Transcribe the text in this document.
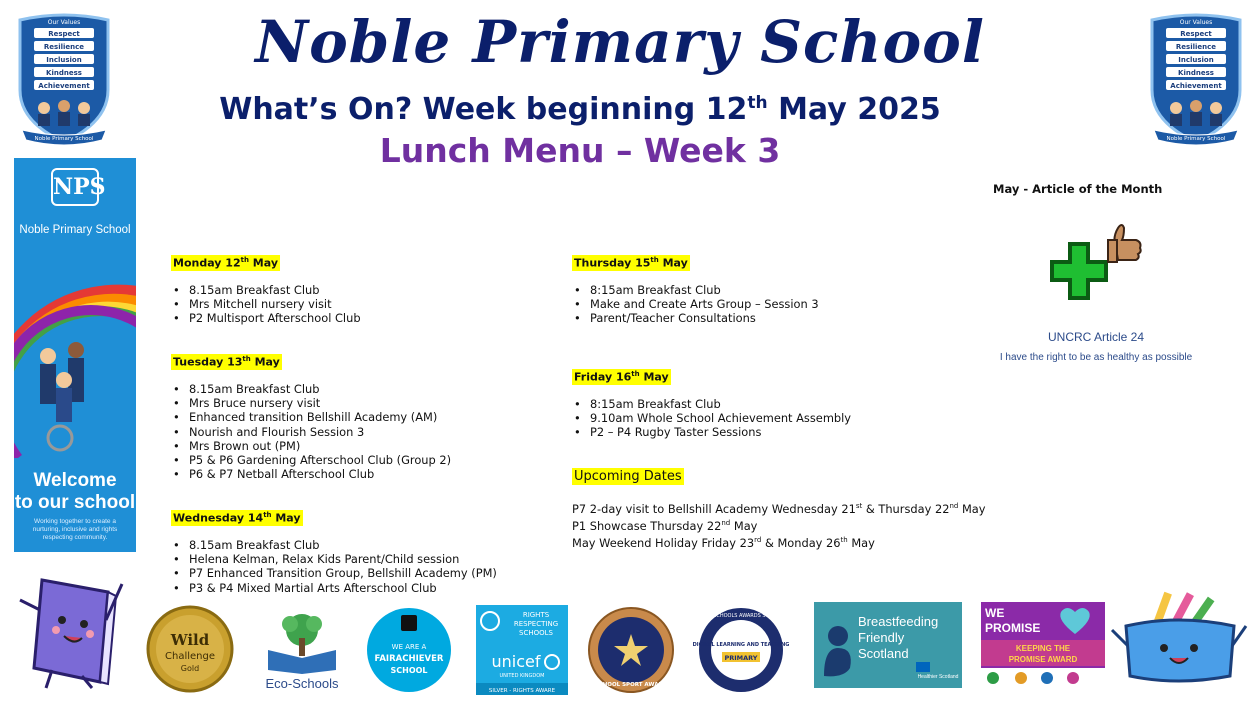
Noble Primary School
What’s On? Week beginning 12th May 2025
Lunch Menu – Week 3
Our Values
Respect
Resilience
Inclusion
Kindness
Achievement
Noble Primary School
Our Values
Respect
Resilience
Inclusion
Kindness
Achievement
Noble Primary School
NPS
Noble Primary School
Welcome
to our school
Working together to create a nurturing, inclusive and rights respecting community.
Monday 12th May
• 8.15am Breakfast Club
• Mrs Mitchell nursery visit
• P2 Multisport Afterschool Club
Tuesday 13th May
• 8.15am Breakfast Club
• Mrs Bruce nursery visit
• Enhanced transition Bellshill Academy (AM)
• Nourish and Flourish Session 3
• Mrs Brown out (PM)
• P5 & P6 Gardening Afterschool Club (Group 2)
• P6 & P7 Netball Afterschool Club
Wednesday 14th May
• 8.15am Breakfast Club
• Helena Kelman, Relax Kids Parent/Child session
• P7 Enhanced Transition Group, Bellshill Academy (PM)
• P3 & P4 Mixed Martial Arts Afterschool Club
Thursday 15th May
• 8:15am Breakfast Club
• Make and Create Arts Group – Session 3
• Parent/Teacher Consultations
Friday 16th May
• 8:15am Breakfast Club
• 9.10am Whole School Achievement Assembly
• P2 – P4 Rugby Taster Sessions
Upcoming Dates
P7 2-day visit to Bellshill Academy Wednesday 21st & Thursday 22nd May
P1 Showcase Thursday 22nd May
May Weekend Holiday Friday 23rd & Monday 26th May
May - Article of the Month
UNCRC Article 24
I have the right to be as healthy as possible
Wild
Challenge
Gold
Eco-Schools
WE ARE A
FAIRACHIEVER
SCHOOL
RIGHTS
RESPECTING
SCHOOLS
unicef
UNITED KINGDOM
SILVER - RIGHTS AWARE
SCHOOL SPORT AWARD
DIGITAL SCHOOLS AWARDS SCOTLAND
DIGITAL LEARNING AND TEACHING
PRIMARY
Breastfeeding
Friendly
Scotland
Healthier Scotland
WE
PROMISE
KEEPING THE
PROMISE AWARD
